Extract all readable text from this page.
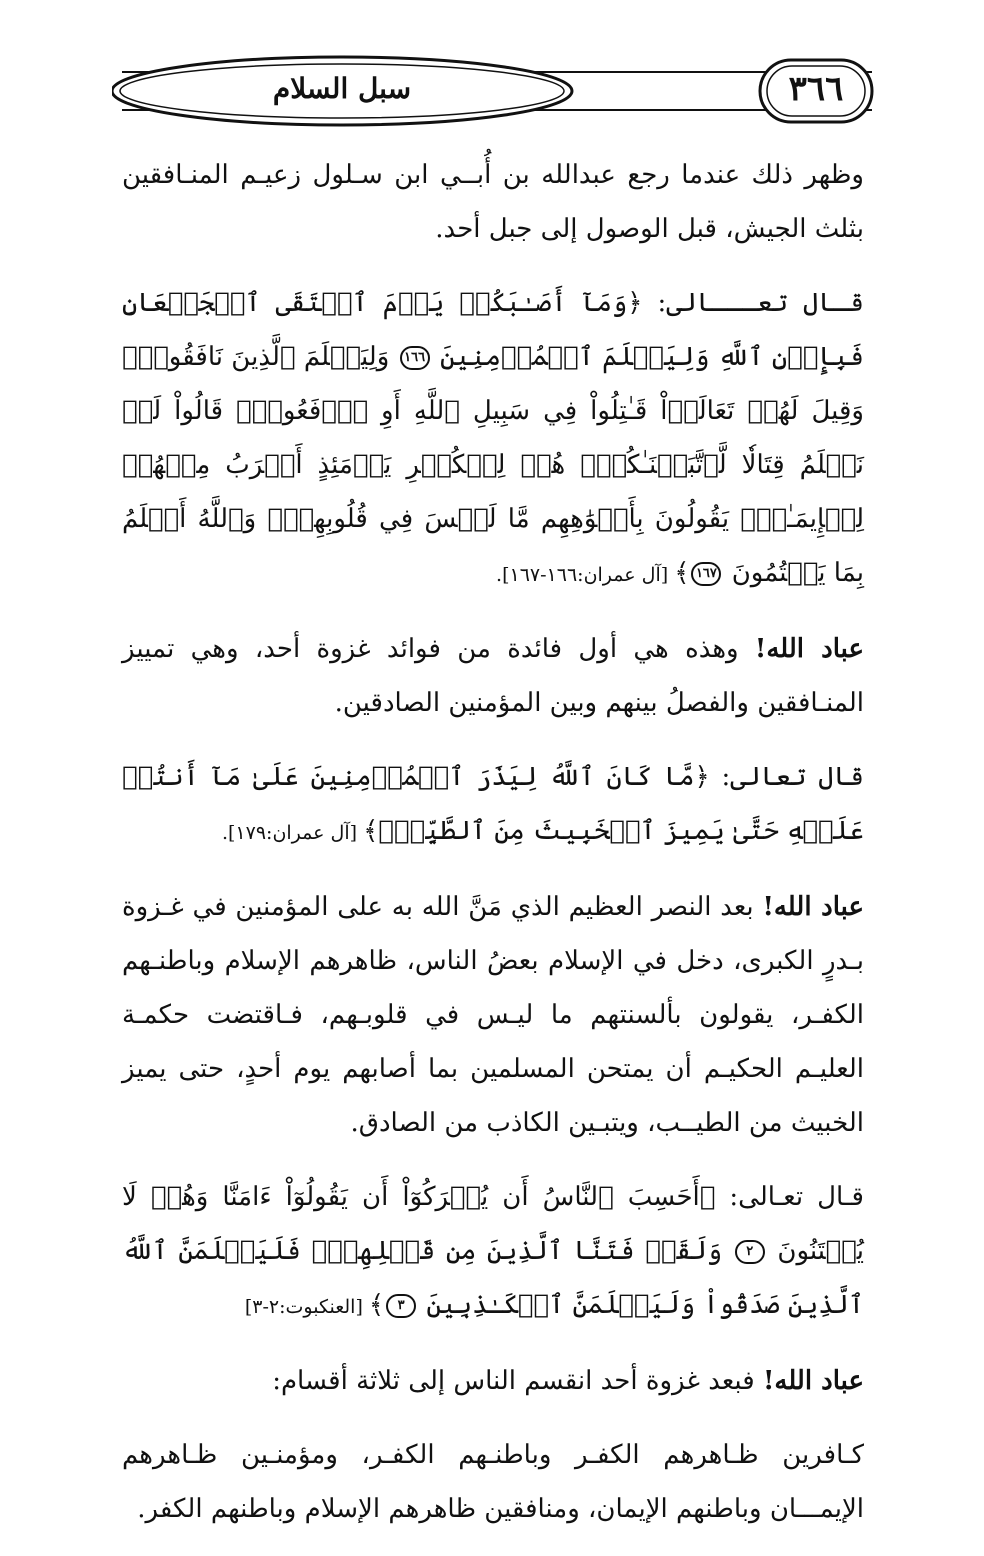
سبل السلام	٣٦٦

وظهر ذلك عندما رجع عبدالله بن أُبــي ابن سـلول زعيـم المنـافقين بثلث الجيش، قبل الوصول إلى جبل أحد.

قـال تعـــالى: ﴿وَمَآ أَصَـٰبَكُمۡ يَوۡمَ ٱلۡتَقَى ٱلۡجَمۡعَانِ فَبِإِذۡنِ ٱللَّهِ وَلِيَعۡلَمَ ٱلۡمُؤۡمِنِينَ ١٦٦ وَلِيَعۡلَمَ ٱلَّذِينَ نَافَقُواْۚ وَقِيلَ لَهُمۡ تَعَالَوۡاْ قَـٰتِلُواْ فِي سَبِيلِ ٱللَّهِ أَوِ ٱدۡفَعُواْۖ قَالُواْ لَوۡ نَعۡلَمُ قِتَالٗا لَّٱتَّبَعۡنَـٰكُمۡۗ هُمۡ لِلۡكُفۡرِ يَوۡمَئِذٍ أَقۡرَبُ مِنۡهُمۡ لِلۡإِيمَـٰنِۚ يَقُولُونَ بِأَفۡوَٰهِهِم مَّا لَيۡسَ فِي قُلُوبِهِمۡۚ وَٱللَّهُ أَعۡلَمُ بِمَا يَكۡتُمُونَ ١٦٧﴾ [آل عمران:١٦٦-١٦٧].

عباد الله! وهذه هي أول فائدة من فوائد غزوة أحد، وهي تمييز المنـافقين والفصلُ بينهم وبين المؤمنين الصادقين.

قال تعالى: ﴿مَّا كَانَ ٱللَّهُ لِيَذَرَ ٱلۡمُؤۡمِنِينَ عَلَىٰ مَآ أَنتُمۡ عَلَيۡهِ حَتَّىٰ يَمِيزَ ٱلۡخَبِيثَ مِنَ ٱلطَّيِّبِۗ﴾ [آل عمران:١٧٩].

عباد الله! بعد النصر العظيم الذي مَنَّ الله به على المؤمنين في غـزوة بـدرٍ الكبرى، دخل في الإسلام بعضُ الناس، ظاهرهم الإسلام وباطنـهم الكفـر، يقولون بألسنتهم ما ليـس في قلوبـهم، فـاقتضت حكمـة العليـم الحكيـم أن يمتحن المسلمين بما أصابهم يوم أحدٍ، حتى يميز الخبيث من الطيــب، ويتبـين الكاذب من الصادق.

قـال تعـالى: ﴿أَحَسِبَ ٱلنَّاسُ أَن يُتۡرَكُوٓاْ أَن يَقُولُوٓاْ ءَامَنَّا وَهُمۡ لَا يُفۡتَنُونَ ٢ وَلَقَدۡ فَتَنَّا ٱلَّذِينَ مِن قَبۡلِهِمۡۖ فَلَيَعۡلَمَنَّ ٱللَّهُ ٱلَّذِينَ صَدَقُواْ وَلَيَعۡلَمَنَّ ٱلۡكَـٰذِبِينَ ٣﴾ [العنكبوت:٢-٣]

عباد الله! فبعد غزوة أحد انقسم الناس إلى ثلاثة أقسام:

كـافرين ظـاهرهم الكفـر وباطنـهم الكفـر، ومؤمنـين ظـاهرهم الإيمـــان وباطنهم الإيمان، ومنافقين ظاهرهم الإسلام وباطنهم الكفر.
